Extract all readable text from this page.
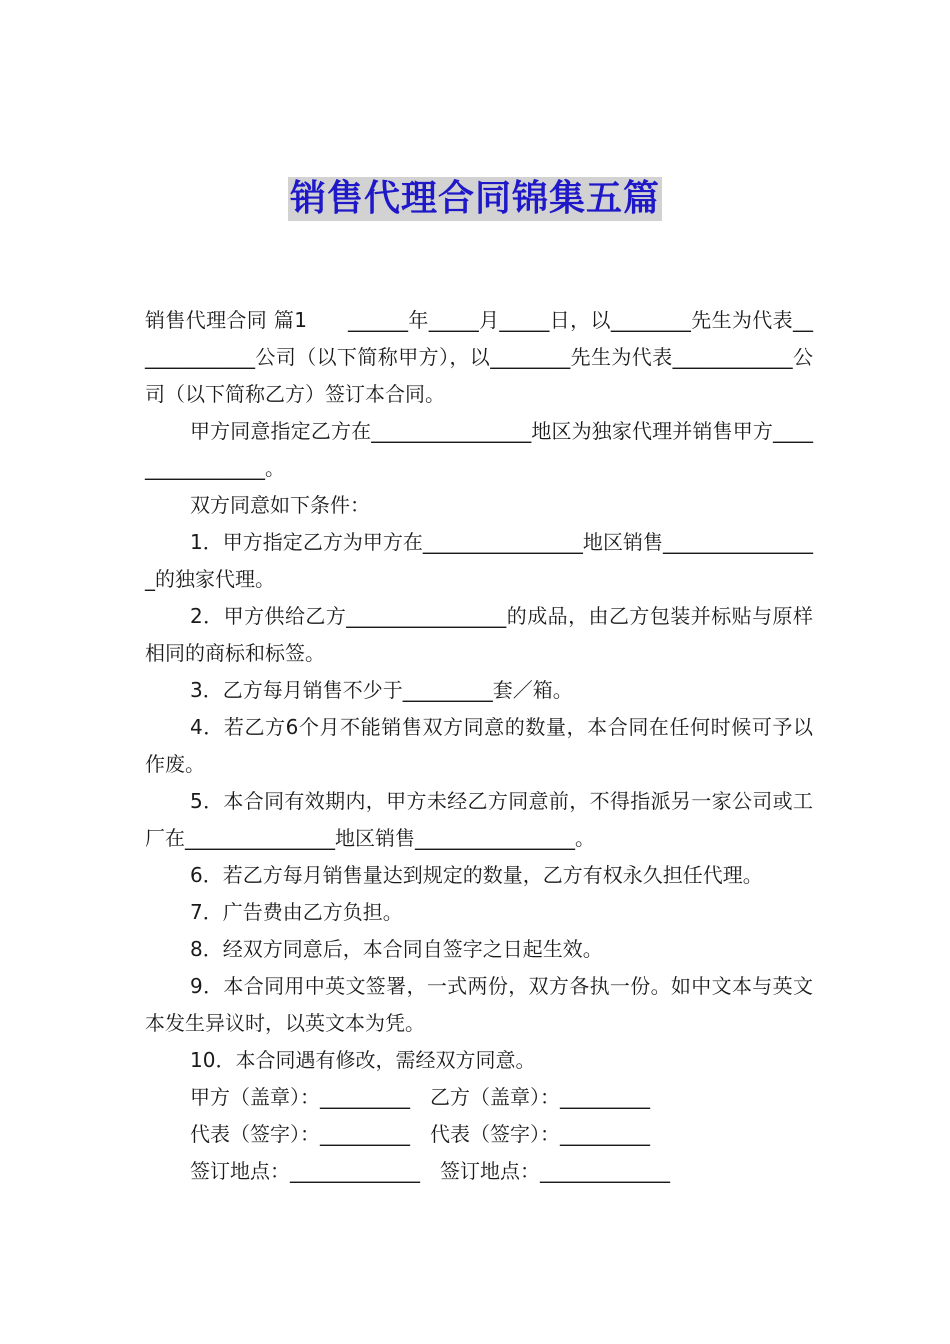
销售代理合同锦集五篇

销售代理合同 篇1　　______年_____月_____日，以________先生为代表_____________公司（以下简称甲方），以________先生为代表____________公司（以下简称乙方）签订本合同。

甲方同意指定乙方在________________地区为独家代理并销售甲方________________。

双方同意如下条件：

1．甲方指定乙方为甲方在________________地区销售________________的独家代理。

2．甲方供给乙方________________的成品，由乙方包装并标贴与原样相同的商标和标签。

3．乙方每月销售不少于_________套／箱。

4．若乙方6个月不能销售双方同意的数量，本合同在任何时候可予以作废。

5．本合同有效期内，甲方未经乙方同意前，不得指派另一家公司或工厂在_______________地区销售________________。

6．若乙方每月销售量达到规定的数量，乙方有权永久担任代理。

7．广告费由乙方负担。

8．经双方同意后，本合同自签字之日起生效。

9．本合同用中英文签署，一式两份，双方各执一份。如中文本与英文本发生异议时，以英文本为凭。

10．本合同遇有修改，需经双方同意。

甲方（盖章）：_________　乙方（盖章）：_________

代表（签字）：_________　代表（签字）：_________

签订地点：_____________　签订地点：_____________
